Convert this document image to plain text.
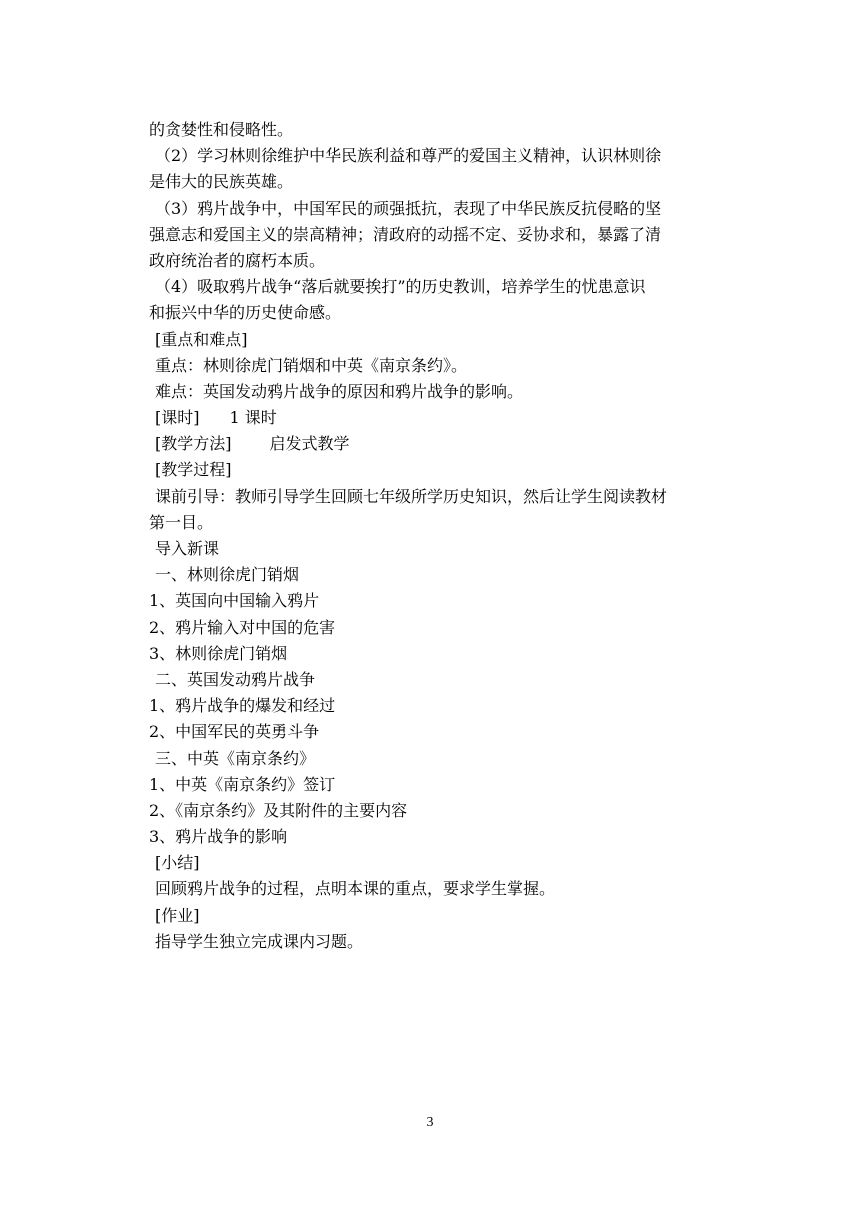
的贪婪性和侵略性。
（2）学习林则徐维护中华民族利益和尊严的爱国主义精神，认识林则徐
是伟大的民族英雄。
（3）鸦片战争中，中国军民的顽强抵抗，表现了中华民族反抗侵略的坚
强意志和爱国主义的崇高精神；清政府的动摇不定、妥协求和，暴露了清
政府统治者的腐朽本质。
（4）吸取鸦片战争“落后就要挨打”的历史教训，培养学生的忧患意识
和振兴中华的历史使命感。
[重点和难点]
重点：林则徐虎门销烟和中英《南京条约》。
难点：英国发动鸦片战争的原因和鸦片战争的影响。
[课时] 1 课时
[教学方法] 启发式教学
[教学过程]
课前引导：教师引导学生回顾七年级所学历史知识，然后让学生阅读教材
第一目。
导入新课
一、林则徐虎门销烟
1、英国向中国输入鸦片
2、鸦片输入对中国的危害
3、林则徐虎门销烟
二、英国发动鸦片战争
1、鸦片战争的爆发和经过
2、中国军民的英勇斗争
三、中英《南京条约》
1、中英《南京条约》签订
2、《南京条约》及其附件的主要内容
3、鸦片战争的影响
[小结]
回顾鸦片战争的过程，点明本课的重点，要求学生掌握。
[作业]
指导学生独立完成课内习题。
3
